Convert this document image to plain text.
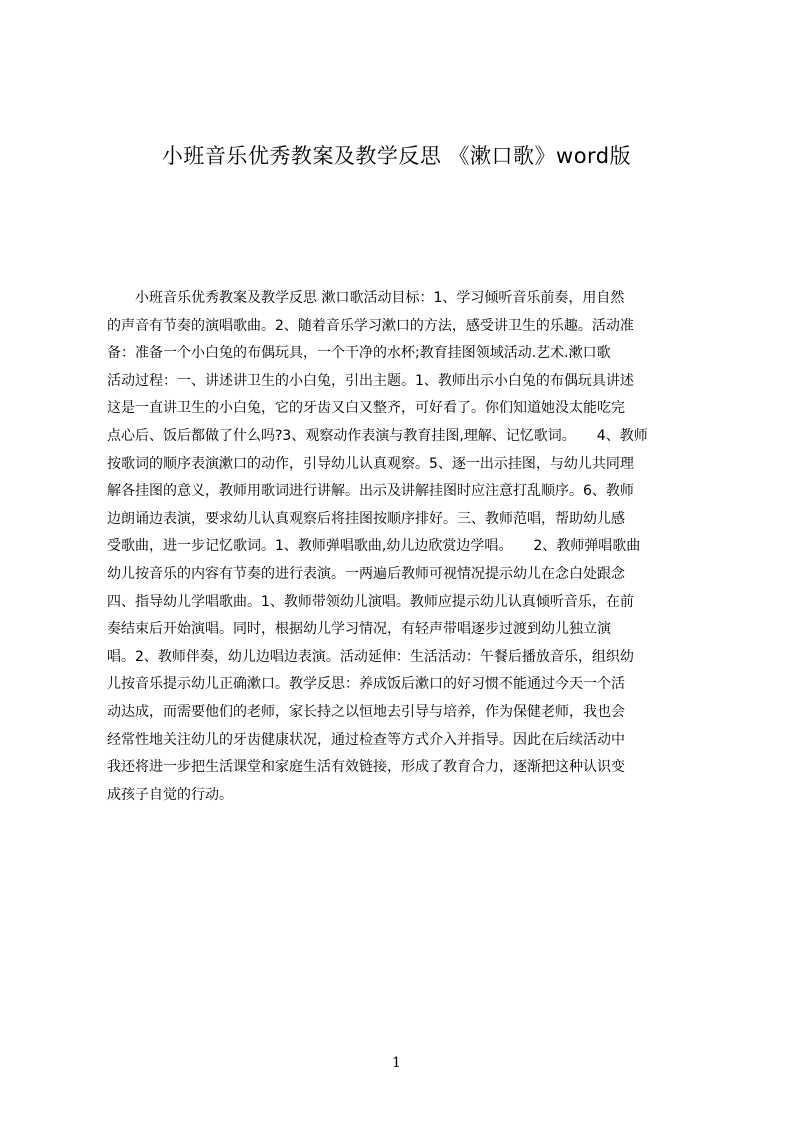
小班音乐优秀教案及教学反思 《漱口歌》word版
小班音乐优秀教案及教学反思 漱口歌活动目标：1、学习倾听音乐前奏，用自然
的声音有节奏的演唱歌曲。2、随着音乐学习漱口的方法，感受讲卫生的乐趣。活动准
备：准备一个小白兔的布偶玩具，一个干净的水杯;教育挂图领域活动.艺术.漱口歌
活动过程：一、讲述讲卫生的小白兔，引出主题。1、教师出示小白兔的布偶玩具讲述
这是一直讲卫生的小白兔，它的牙齿又白又整齐，可好看了。你们知道她没太能吃完
点心后、饭后都做了什么吗?3、观察动作表演与教育挂图,理解、记忆歌词。　　4、教师
按歌词的顺序表演漱口的动作，引导幼儿认真观察。5、逐一出示挂图，与幼儿共同理
解各挂图的意义，教师用歌词进行讲解。出示及讲解挂图时应注意打乱顺序。6、教师
边朗诵边表演，要求幼儿认真观察后将挂图按顺序排好。三、教师范唱，帮助幼儿感
受歌曲，进一步记忆歌词。1、教师弹唱歌曲,幼儿边欣赏边学唱。　　2、教师弹唱歌曲
幼儿按音乐的内容有节奏的进行表演。一两遍后教师可视情况提示幼儿在念白处跟念
四、指导幼儿学唱歌曲。1、教师带领幼儿演唱。教师应提示幼儿认真倾听音乐，在前
奏结束后开始演唱。同时，根据幼儿学习情况，有轻声带唱逐步过渡到幼儿独立演
唱。2、教师伴奏，幼儿边唱边表演。活动延伸：生活活动：午餐后播放音乐，组织幼
儿按音乐提示幼儿正确漱口。教学反思：养成饭后漱口的好习惯不能通过今天一个活
动达成，而需要他们的老师，家长持之以恒地去引导与培养，作为保健老师，我也会
经常性地关注幼儿的牙齿健康状况，通过检查等方式介入并指导。因此在后续活动中
我还将进一步把生活课堂和家庭生活有效链接，形成了教育合力，逐渐把这种认识变
成孩子自觉的行动。
1
